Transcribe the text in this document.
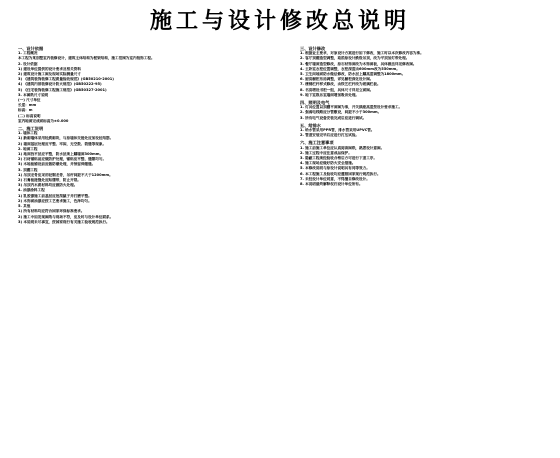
施工与设计修改总说明
一、设计依据
1. 工程概况
本工程为某别墅室内装修设计，建筑主体结构为框架结构，施工范围为室内装饰工程。
2. 设计依据
1) 建设单位提供的设计要求及相关资料
2) 建筑设计施工图及现场实际测量尺寸
3) 《建筑装饰装修工程质量验收规范》(GB50210-2001)
4) 《建筑内部装修设计防火规范》(GB50222-95)
5) 《住宅装饰装修工程施工规范》(GB50327-2001)
3. 本图纸尺寸说明
(一) 尺寸单位
长度：mm
标高：m
(二) 标高说明
室内地面完成面标高为±0.000
二、施工说明
1. 墙体工程
1) 新砌墙体采用轻质砌块，与原墙体交接处应加设拉结筋。
2) 墙面基层处理应平整、牢固，无空鼓、裂缝等现象。
2. 地面工程
1) 地面找平层应平整，防水层须上翻墙面300mm。
2) 石材铺贴前应做防护处理，铺贴应平整、缝隙均匀。
3) 木地板铺设前应做防潮处理，并预留伸缩缝。
3. 顶棚工程
1) 吊顶龙骨应采用轻钢龙骨，吊杆间距不大于1200mm。
2) 石膏板接缝处应贴绷带，防止开裂。
3) 吊顶内木质材料均应做防火处理。
4. 油漆涂料工程
1) 乳胶漆施工前基层应批刮腻子并打磨平整。
2) 木饰面油漆应按工艺要求施工，色泽均匀。
5. 其他
1) 所有材料均应符合国家环保标准要求。
2) 施工中如发现图纸与现场不符，应及时与设计单位联系。
3) 本说明未尽事宜，按国家现行有关施工验收规范执行。
三、设计修改
1. 根据业主要求，对原设计方案进行如下修改，施工时以本次修改内容为准。
2. 客厅顶棚造型调整，取消原设计跌级吊顶，改为平顶加灯带处理。
3. 餐厅墙面造型修改，原石材饰面改为木饰面板，具体做法详见修改图。
4. 主卧室衣柜位置调整，衣柜深度由600mm改为550mm。
5. 卫生间地面防水做法修改，防水层上翻高度调整为1800mm。
6. 厨房橱柜布局调整，详见橱柜深化设计图。
7. 楼梯栏杆样式修改，由铁艺栏杆改为玻璃栏板。
8. 书房增设书柜一组，具体尺寸详见立面图。
9. 地下室娱乐室墙面增加吸音处理。
四、照明及电气
1. 灯具位置以顶棚平面图为准，开关插座高度按设计要求施工。
2. 强弱电线路应分管敷设，间距不小于300mm。
3. 所有电气设备安装完成后应进行调试。
五、给排水
1. 给水管采用PPR管，排水管采用UPVC管。
2. 管道安装完毕后应进行打压试验。
六、施工注意事项
1. 施工前施工单位应认真阅读图纸，熟悉设计意图。
2. 施工过程中应注意成品保护。
3. 隐蔽工程须经验收合格后方可进行下道工序。
4. 施工现场应做好防火安全措施。
5. 本修改说明与原设计说明具有同等效力。
6. 本工程施工及验收均应遵照国家现行规范执行。
7. 未经设计单位同意，不得擅自修改设计。
8. 本说明最终解释权归设计单位所有。
